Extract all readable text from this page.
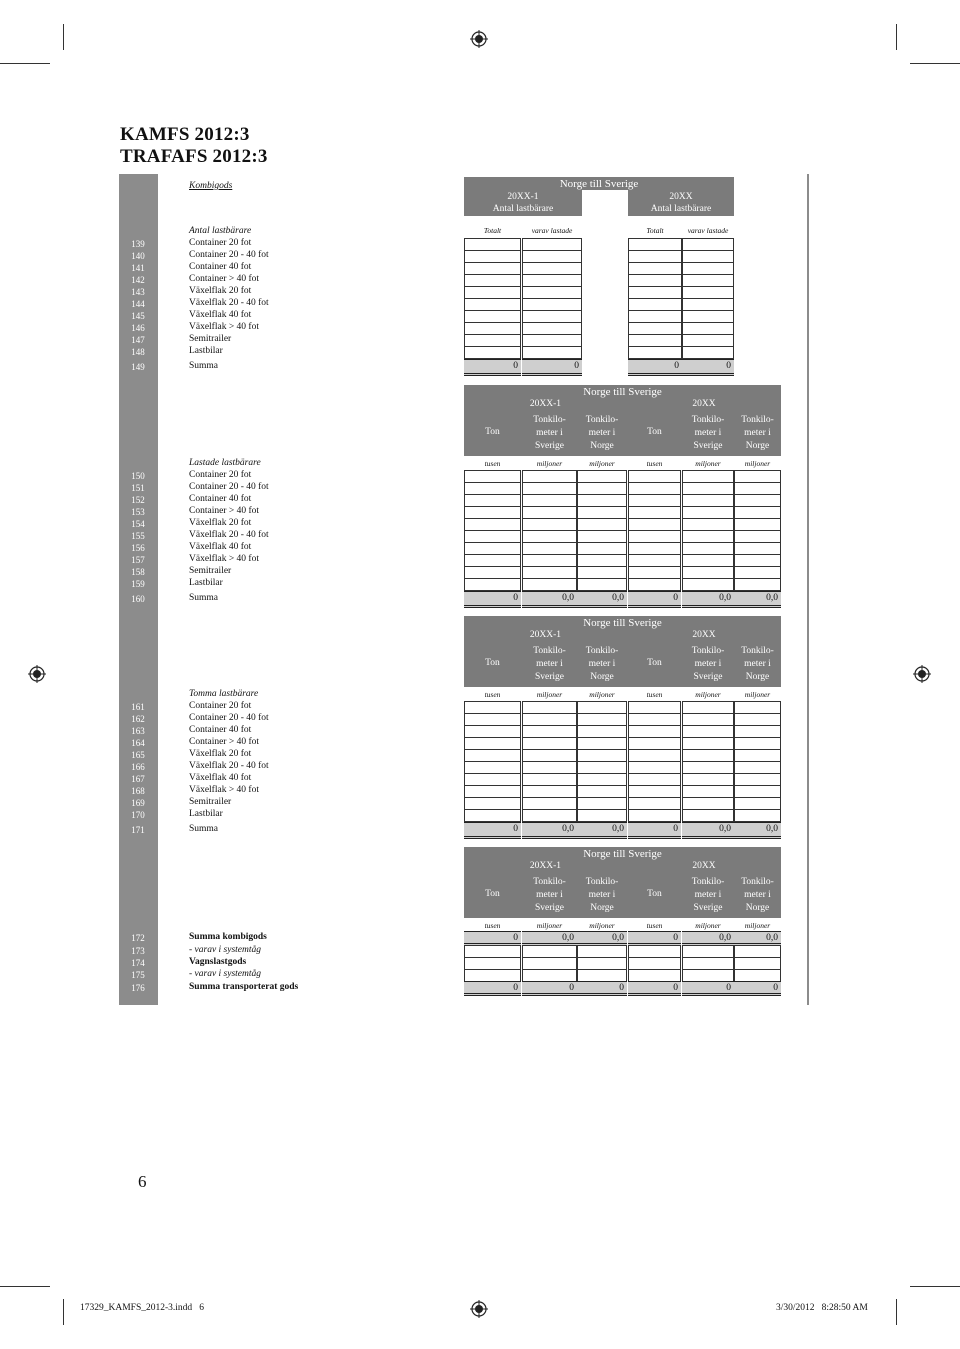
KAMFS 2012:3
TRAFAFS 2012:3
Kombigods	Norge till Sverige
20XX-1
Antal lastbärare
20XX
Antal lastbärare
Antal lastbärare	Totalt	varav lastade	Totalt	varav lastade
139	Container 20 fot
140	Container 20 - 40 fot
141	Container 40 fot
142	Container > 40 fot
143	Växelflak 20 fot
144	Växelflak 20 - 40 fot
145	Växelflak 40 fot
146	Växelflak > 40 fot
147	Semitrailer
148	Lastbilar
149	Summa	0	0	0	0
Norge till Sverige
20XX-1	20XX
Ton
Tonkilo-
meter i
Sverige
Tonkilo-
meter i
Norge
Ton
Tonkilo-
meter i
Sverige
Tonkilo-
meter i
Norge
tusen	miljoner	miljoner	tusen	miljoner	miljoner
Lastade lastbärare
150	Container 20 fot
151	Container 20 - 40 fot
152	Container 40 fot
153	Container > 40 fot
154	Växelflak 20 fot
155	Växelflak 20 - 40 fot
156	Växelflak 40 fot
157	Växelflak > 40 fot
158	Semitrailer
159	Lastbilar
160	Summa	0	0,0	0,0	0	0,0	0,0
Norge till Sverige
20XX-1	20XX
Ton
Tonkilo-
meter i
Sverige
Tonkilo-
meter i
Norge
Ton
Tonkilo-
meter i
Sverige
Tonkilo-
meter i
Norge
tusen	miljoner	miljoner	tusen	miljoner	miljoner
Tomma lastbärare
161	Container 20 fot
162	Container 20 - 40 fot
163	Container 40 fot
164	Container > 40 fot
165	Växelflak 20 fot
166	Växelflak 20 - 40 fot
167	Växelflak 40 fot
168	Växelflak > 40 fot
169	Semitrailer
170	Lastbilar
171	Summa	0	0,0	0,0	0	0,0	0,0
Norge till Sverige
20XX-1	20XX
Ton
Tonkilo-
meter i
Sverige
Tonkilo-
meter i
Norge
Ton
Tonkilo-
meter i
Sverige
Tonkilo-
meter i
Norge
tusen	miljoner	miljoner	tusen	miljoner	miljoner
172	Summa kombigods	0	0,0	0,0	0	0,0	0,0
173	- varav i systemtåg
174	Vagnslastgods
175	- varav i systemtåg
176	Summa transporterat gods	0	0	0	0	0	0
6
17329_KAMFS_2012-3.indd   6	3/30/2012   8:28:50 AM
